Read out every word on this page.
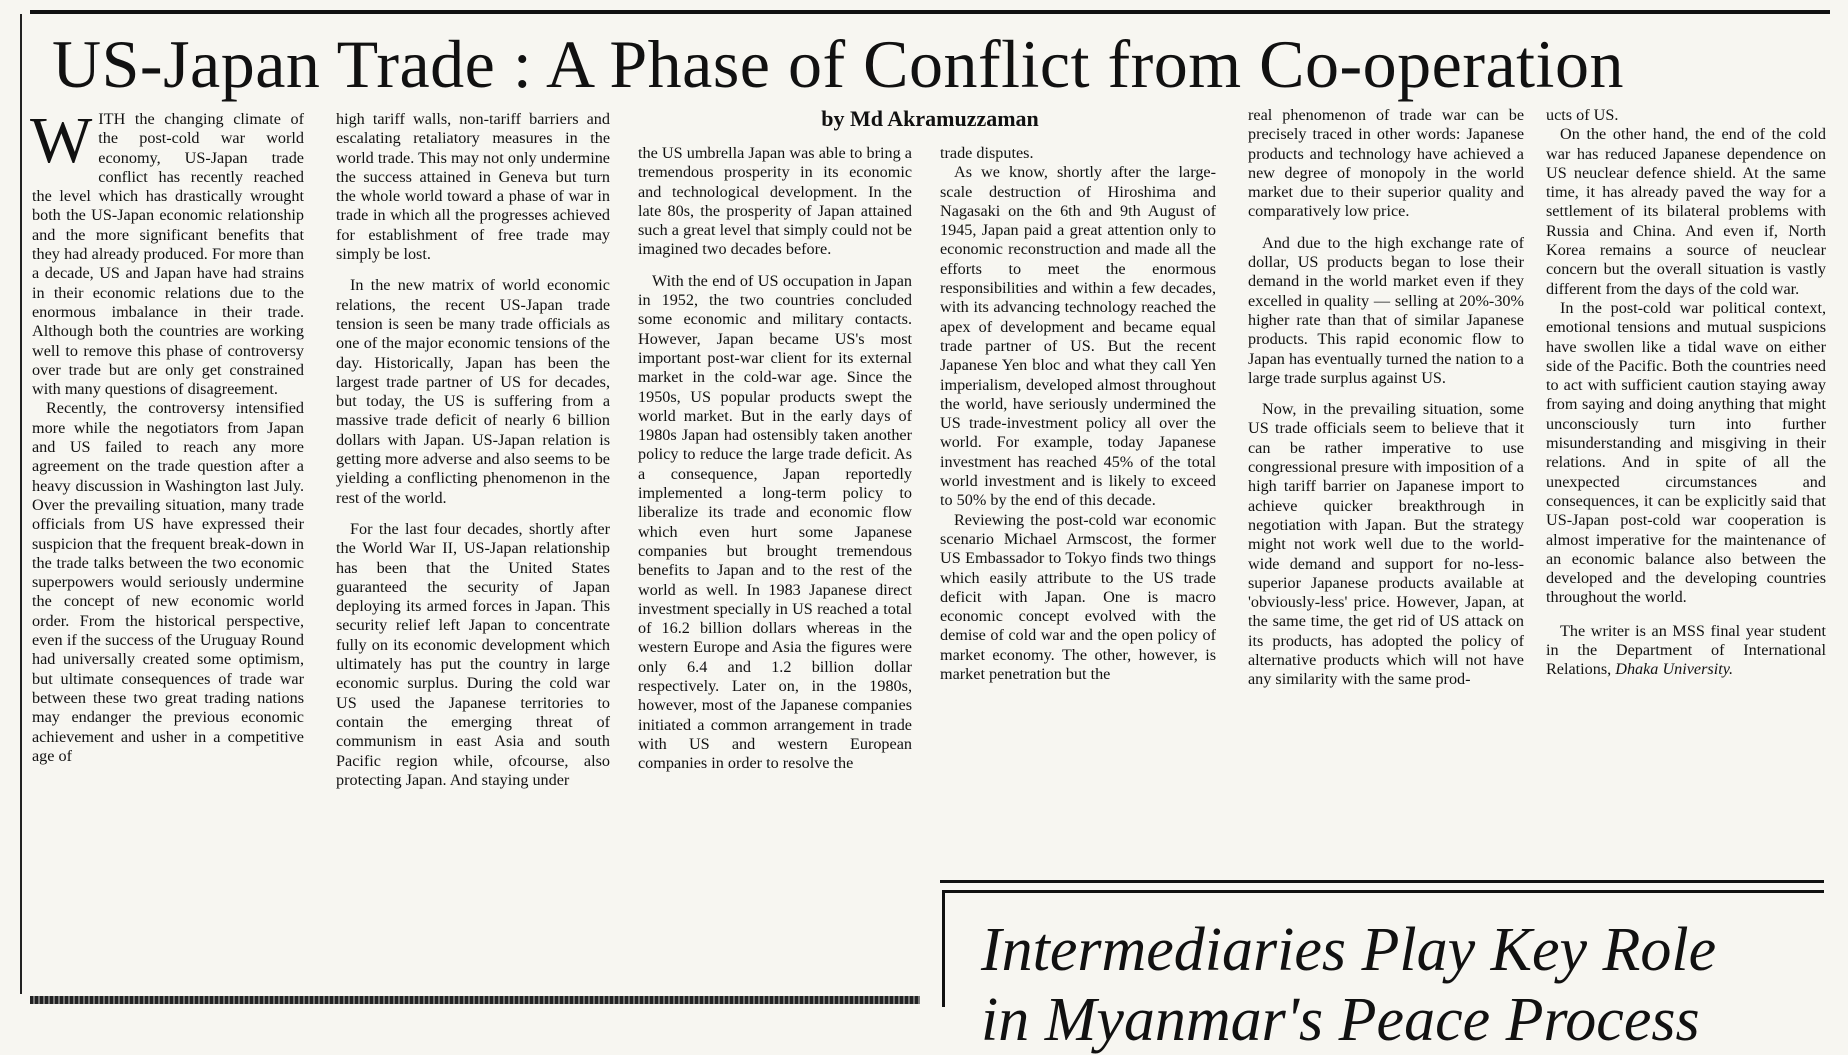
US-Japan Trade : A Phase of Conflict from Co-operation
by Md Akramuzzaman

WITH the changing climate of the post-cold war world economy, US-Japan trade conflict has recently reached the level which has drastically wrought both the US-Japan economic relationship and the more significant benefits that they had already produced. For more than a decade, US and Japan have had strains in their economic relations due to the enormous imbalance in their trade. Although both the countries are working well to remove this phase of controversy over trade but are only get constrained with many questions of disagreement.

Recently, the controversy intensified more while the negotiators from Japan and US failed to reach any more agreement on the trade question after a heavy discussion in Washington last July. Over the prevailing situation, many trade officials from US have expressed their suspicion that the frequent break-down in the trade talks between the two economic superpowers would seriously undermine the concept of new economic world order. From the historical perspective, even if the success of the Uruguay Round had universally created some optimism, but ultimate consequences of trade war between these two great trading nations may endanger the previous economic achievement and usher in a competitive age of

high tariff walls, non-tariff barriers and escalating retaliatory measures in the world trade. This may not only undermine the success attained in Geneva but turn the whole world toward a phase of war in trade in which all the progresses achieved for establishment of free trade may simply be lost.

In the new matrix of world economic relations, the recent US-Japan trade tension is seen be many trade officials as one of the major economic tensions of the day. Historically, Japan has been the largest trade partner of US for decades, but today, the US is suffering from a massive trade deficit of nearly 6 billion dollars with Japan. US-Japan relation is getting more adverse and also seems to be yielding a conflicting phenomenon in the rest of the world.

For the last four decades, shortly after the World War II, US-Japan relationship has been that the United States guaranteed the security of Japan deploying its armed forces in Japan. This security relief left Japan to concentrate fully on its economic development which ultimately has put the country in large economic surplus. During the cold war US used the Japanese territories to contain the emerging threat of communism in east Asia and south Pacific region while, ofcourse, also protecting Japan. And staying under

the US umbrella Japan was able to bring a tremendous prosperity in its economic and technological development. In the late 80s, the prosperity of Japan attained such a great level that simply could not be imagined two decades before.

With the end of US occupation in Japan in 1952, the two countries concluded some economic and military contacts. However, Japan became US's most important post-war client for its external market in the cold-war age. Since the 1950s, US popular products swept the world market. But in the early days of 1980s Japan had ostensibly taken another policy to reduce the large trade deficit. As a consequence, Japan reportedly implemented a long-term policy to liberalize its trade and economic flow which even hurt some Japanese companies but brought tremendous benefits to Japan and to the rest of the world as well. In 1983 Japanese direct investment specially in US reached a total of 16.2 billion dollars whereas in the western Europe and Asia the figures were only 6.4 and 1.2 billion dollar respectively. Later on, in the 1980s, however, most of the Japanese companies initiated a common arrangement in trade with US and western European companies in order to resolve the

trade disputes.

As we know, shortly after the large-scale destruction of Hiroshima and Nagasaki on the 6th and 9th August of 1945, Japan paid a great attention only to economic reconstruction and made all the efforts to meet the enormous responsibilities and within a few decades, with its advancing technology reached the apex of development and became equal trade partner of US. But the recent Japanese Yen bloc and what they call Yen imperialism, developed almost throughout the world, have seriously undermined the US trade-investment policy all over the world. For example, today Japanese investment has reached 45% of the total world investment and is likely to exceed to 50% by the end of this decade.

Reviewing the post-cold war economic scenario Michael Armscost, the former US Embassador to Tokyo finds two things which easily attribute to the US trade deficit with Japan. One is macro economic concept evolved with the demise of cold war and the open policy of market economy. The other, however, is market penetration but the

real phenomenon of trade war can be precisely traced in other words: Japanese products and technology have achieved a new degree of monopoly in the world market due to their superior quality and comparatively low price.

And due to the high exchange rate of dollar, US products began to lose their demand in the world market even if they excelled in quality — selling at 20%-30% higher rate than that of similar Japanese products. This rapid economic flow to Japan has eventually turned the nation to a large trade surplus against US.

Now, in the prevailing situation, some US trade officials seem to believe that it can be rather imperative to use congressional presure with imposition of a high tariff barrier on Japanese import to achieve quicker breakthrough in negotiation with Japan. But the strategy might not work well due to the world-wide demand and support for no-less-superior Japanese products available at 'obviously-less' price. However, Japan, at the same time, the get rid of US attack on its products, has adopted the policy of alternative products which will not have any similarity with the same prod-

ucts of US.

On the other hand, the end of the cold war has reduced Japanese dependence on US neuclear defence shield. At the same time, it has already paved the way for a settlement of its bilateral problems with Russia and China. And even if, North Korea remains a source of neuclear concern but the overall situation is vastly different from the days of the cold war.

In the post-cold war political context, emotional tensions and mutual suspicions have swollen like a tidal wave on either side of the Pacific. Both the countries need to act with sufficient caution staying away from saying and doing anything that might unconsciously turn into further misunderstanding and misgiving in their relations. And in spite of all the unexpected circumstances and consequences, it can be explicitly said that US-Japan post-cold war cooperation is almost imperative for the maintenance of an economic balance also between the developed and the developing countries throughout the world.

The writer is an MSS final year student in the Department of International Relations, Dhaka University.

Intermediaries Play Key Role
in Myanmar's Peace Process
